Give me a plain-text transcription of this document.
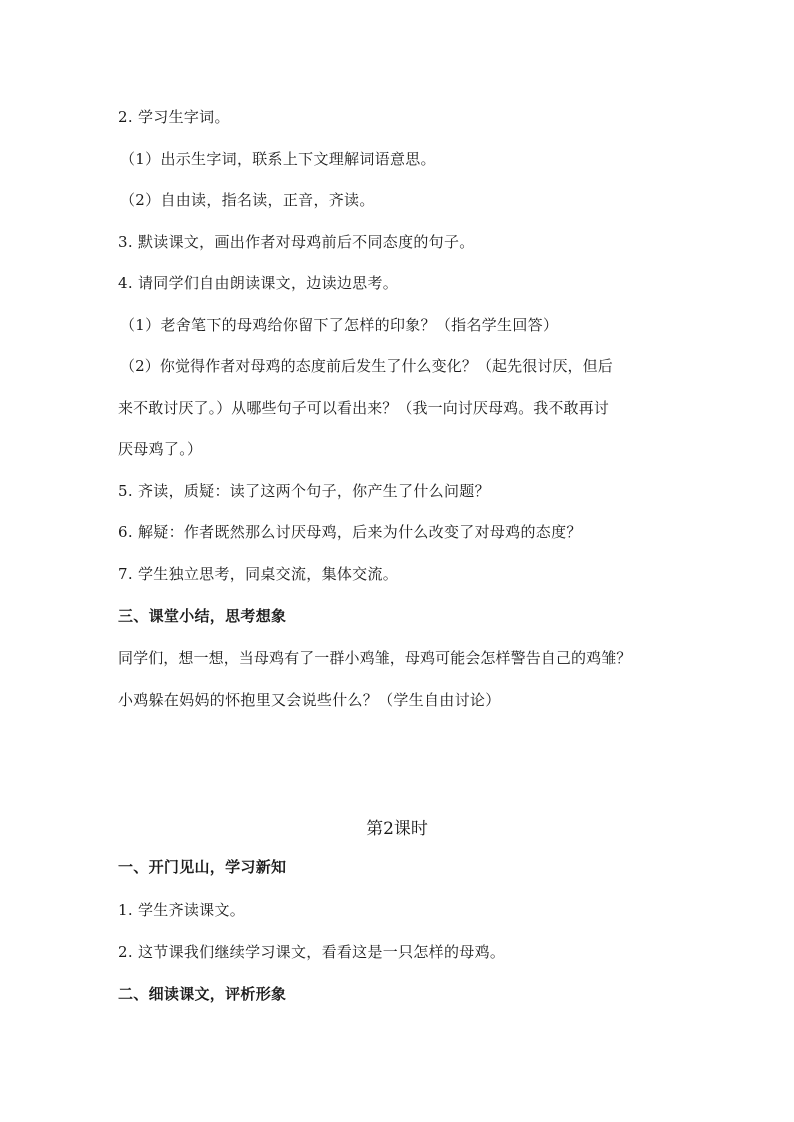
2. 学习生字词。
（1）出示生字词，联系上下文理解词语意思。
（2）自由读，指名读，正音，齐读。
3. 默读课文，画出作者对母鸡前后不同态度的句子。
4. 请同学们自由朗读课文，边读边思考。
（1）老舍笔下的母鸡给你留下了怎样的印象？（指名学生回答）
（2）你觉得作者对母鸡的态度前后发生了什么变化？（起先很讨厌，但后
来不敢讨厌了。）从哪些句子可以看出来？（我一向讨厌母鸡。我不敢再讨
厌母鸡了。）
5. 齐读，质疑：读了这两个句子，你产生了什么问题？
6. 解疑：作者既然那么讨厌母鸡，后来为什么改变了对母鸡的态度？
7. 学生独立思考，同桌交流，集体交流。
三、课堂小结，思考想象
同学们，想一想，当母鸡有了一群小鸡雏，母鸡可能会怎样警告自己的鸡雏？
小鸡躲在妈妈的怀抱里又会说些什么？（学生自由讨论）
第2课时
一、开门见山，学习新知
1. 学生齐读课文。
2. 这节课我们继续学习课文，看看这是一只怎样的母鸡。
二、细读课文，评析形象
